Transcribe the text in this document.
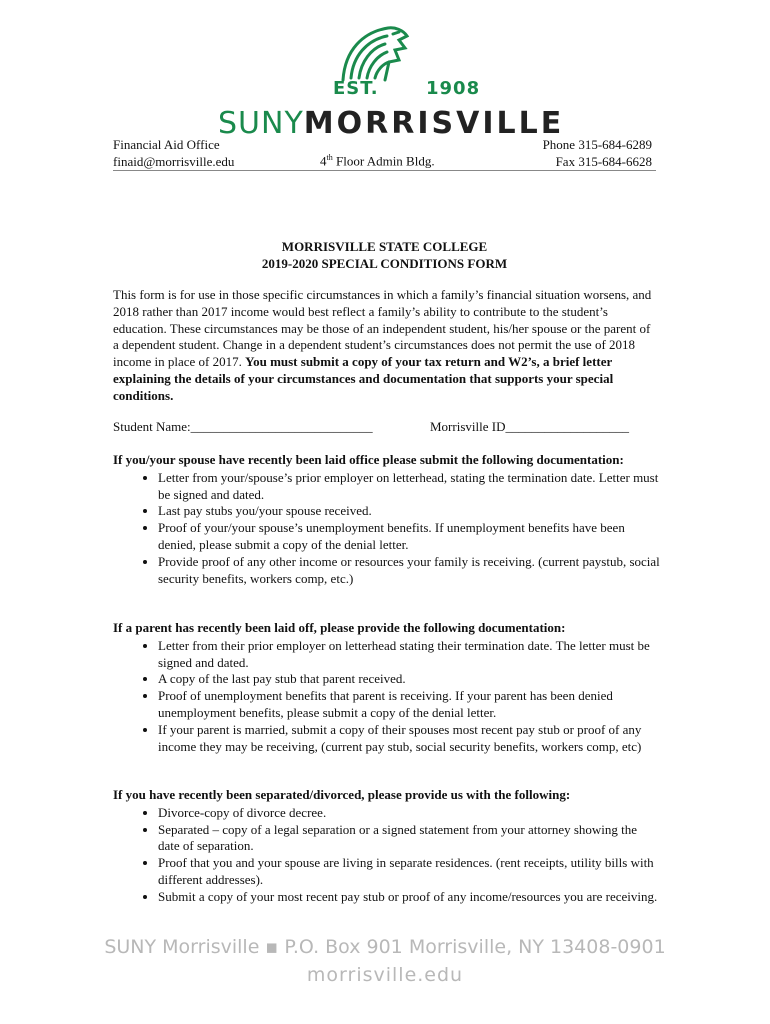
EST.	1908
SUNYMORRISVILLE
Financial Aid Office
finaid@morrisville.edu	4th Floor Admin Bldg.
Phone 315-684-6289
Fax 315-684-6628
MORRISVILLE STATE COLLEGE
2019-2020 SPECIAL CONDITIONS FORM
This form is for use in those specific circumstances in which a family’s financial situation worsens, and 2018 rather than 2017 income would best reflect a family’s ability to contribute to the student’s education. These circumstances may be those of an independent student, his/her spouse or the parent of a dependent student. Change in a dependent student’s circumstances does not permit the use of 2018 income in place of 2017. You must submit a copy of your tax return and W2’s, a brief letter explaining the details of your circumstances and documentation that supports your special conditions.
Student Name:____________________________	Morrisville ID___________________
If you/your spouse have recently been laid office please submit the following documentation:
• Letter from your/spouse’s prior employer on letterhead, stating the termination date. Letter must be signed and dated.
• Last pay stubs you/your spouse received.
• Proof of your/your spouse’s unemployment benefits. If unemployment benefits have been denied, please submit a copy of the denial letter.
• Provide proof of any other income or resources your family is receiving. (current paystub, social security benefits, workers comp, etc.)
If a parent has recently been laid off, please provide the following documentation:
• Letter from their prior employer on letterhead stating their termination date. The letter must be signed and dated.
• A copy of the last pay stub that parent received.
• Proof of unemployment benefits that parent is receiving. If your parent has been denied unemployment benefits, please submit a copy of the denial letter.
• If your parent is married, submit a copy of their spouses most recent pay stub or proof of any income they may be receiving, (current pay stub, social security benefits, workers comp, etc)
If you have recently been separated/divorced, please provide us with the following:
• Divorce-copy of divorce decree.
• Separated – copy of a legal separation or a signed statement from your attorney showing the date of separation.
• Proof that you and your spouse are living in separate residences. (rent receipts, utility bills with different addresses).
• Submit a copy of your most recent pay stub or proof of any income/resources you are receiving.
SUNY Morrisville ▪ P.O. Box 901 Morrisville, NY 13408-0901
morrisville.edu
